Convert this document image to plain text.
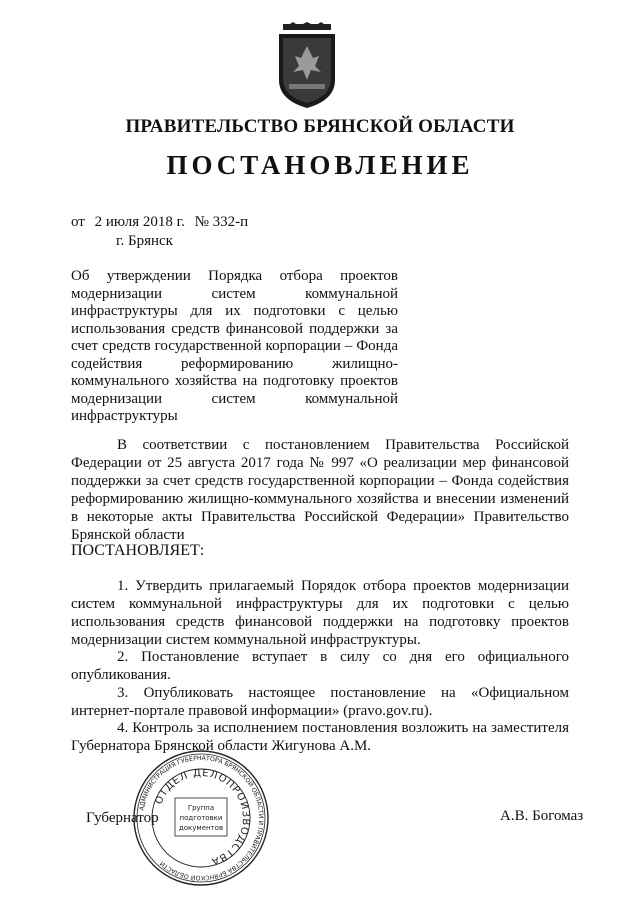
ПРАВИТЕЛЬСТВО БРЯНСКОЙ ОБЛАСТИ
ПОСТАНОВЛЕНИЕ
от 2 июля 2018 г. № 332-п
г. Брянск
Об утверждении Порядка отбора проектов модернизации систем коммунальной инфраструктуры для их подготовки с целью использования средств финансовой поддержки за счет средств государственной корпорации – Фонда содействия реформированию жилищно-коммунального хозяйства на подготовку проектов модернизации систем коммунальной инфраструктуры
В соответствии с постановлением Правительства Российской Федерации от 25 августа 2017 года № 997 «О реализации мер финансовой поддержки за счет средств государственной корпорации – Фонда содействия реформированию жилищно-коммунального хозяйства и внесении изменений в некоторые акты Правительства Российской Федерации» Правительство Брянской области
ПОСТАНОВЛЯЕТ:
1. Утвердить прилагаемый Порядок отбора проектов модернизации систем коммунальной инфраструктуры для их подготовки с целью использования средств финансовой поддержки на подготовку проектов модернизации систем коммунальной инфраструктуры.
2. Постановление вступает в силу со дня его официального опубликования.
3. Опубликовать настоящее постановление на «Официальном интернет-портале правовой информации» (pravo.gov.ru).
4. Контроль за исполнением постановления возложить на заместителя Губернатора Брянской области Жигунова А.М.
Губернатор	А.В. Богомаз
АДМИНИСТРАЦИЯ ГУБЕРНАТОРА БРЯНСКОЙ ОБЛАСТИ И ПРАВИТЕЛЬСТВА БРЯНСКОЙ ОБЛАСТИ
ОТДЕЛ ДЕЛОПРОИЗВОДСТВА
Группа
подготовки
документов
